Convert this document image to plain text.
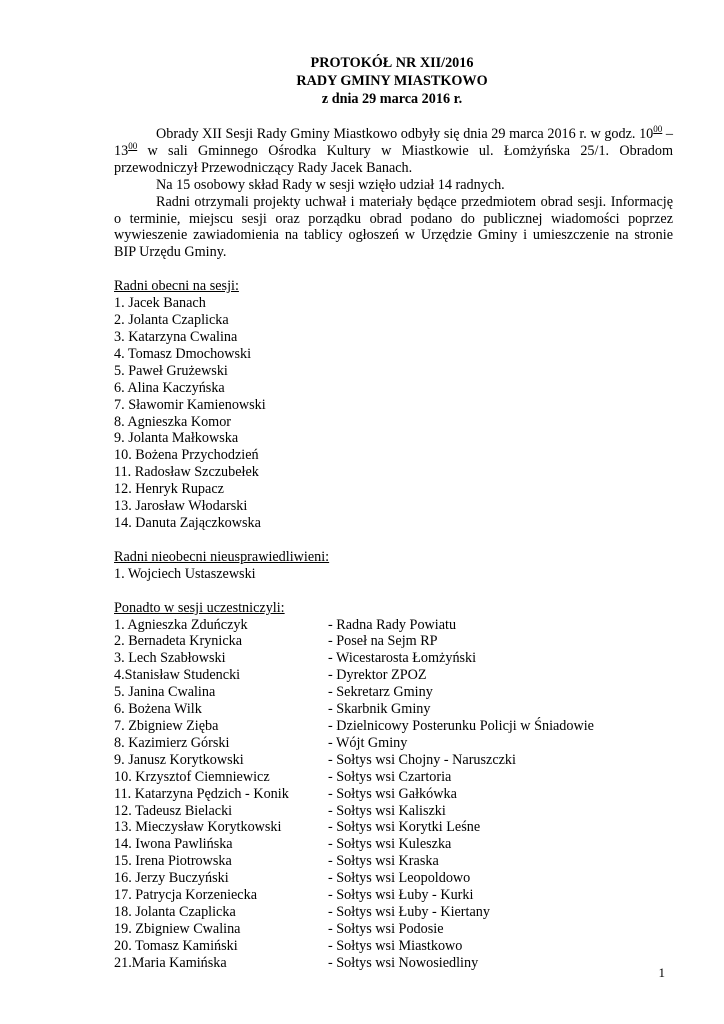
PROTOKÓŁ NR XII/2016
RADY GMINY MIASTKOWO
z dnia 29 marca 2016 r.

Obrady XII Sesji Rady Gminy Miastkowo odbyły się dnia 29 marca 2016 r. w godz. $10^{00} - 13^{00}$ w sali Gminnego Ośrodka Kultury w Miastkowie ul. Łomżyńska 25/1. Obradom przewodniczył Przewodniczący Rady Jacek Banach.

Na 15 osobowy skład Rady w sesji wzięło udział 14 radnych.

Radni otrzymali projekty uchwał i materiały będące przedmiotem obrad sesji. Informację o terminie, miejscu sesji oraz porządku obrad podano do publicznej wiadomości poprzez wywieszenie zawiadomienia na tablicy ogłoszeń w Urzędzie Gminy i umieszczenie na stronie BIP Urzędu Gminy.

Radni obecni na sesji:
1. Jacek Banach
2. Jolanta Czaplicka
3. Katarzyna Cwalina
4. Tomasz Dmochowski
5. Paweł Grużewski
6. Alina Kaczyńska
7. Sławomir Kamienowski
8. Agnieszka Komor
9. Jolanta Małkowska
10. Bożena Przychodzień
11. Radosław Szczubełek
12. Henryk Rupacz
13. Jarosław Włodarski
14. Danuta Zajączkowska
Radni nieobecni nieusprawiedliwieni:
1. Wojciech Ustaszewski
Ponadto w sesji uczestniczyli:
1. Agnieszka Zduńczyk	- Radna Rady Powiatu
2. Bernadeta Krynicka	- Poseł na Sejm RP
3. Lech Szabłowski	- Wicestarosta Łomżyński
4.Stanisław Studencki	- Dyrektor ZPOZ
5. Janina Cwalina	- Sekretarz Gminy
6. Bożena Wilk	- Skarbnik Gminy
7. Zbigniew Zięba	- Dzielnicowy Posterunku Policji w Śniadowie
8. Kazimierz Górski	- Wójt Gminy
9. Janusz Korytkowski	- Sołtys wsi Chojny - Naruszczki
10. Krzysztof Ciemniewicz	- Sołtys wsi Czartoria
11. Katarzyna Pędzich - Konik	- Sołtys wsi Gałkówka
12. Tadeusz Bielacki	- Sołtys wsi Kaliszki
13. Mieczysław Korytkowski	- Sołtys wsi Korytki Leśne
14. Iwona Pawlińska	- Sołtys wsi Kuleszka
15. Irena Piotrowska	- Sołtys wsi Kraska
16. Jerzy Buczyński	- Sołtys wsi Leopoldowo
17. Patrycja Korzeniecka	- Sołtys wsi Łuby - Kurki
18. Jolanta Czaplicka	- Sołtys wsi Łuby - Kiertany
19. Zbigniew Cwalina	- Sołtys wsi Podosie
20. Tomasz Kamiński	- Sołtys wsi Miastkowo
21.Maria Kamińska	- Sołtys wsi Nowosiedliny
1
